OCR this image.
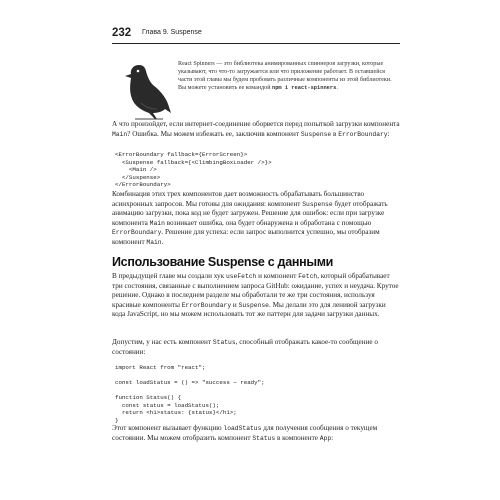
232 Глава 9. Suspense
React Spinners — это библиотека анимированных спиннеров загрузки, которые указывают, что что-то загружается или что приложение работает. В оставшейся части этой главы мы будем пробовать различные компоненты из этой библиотеки. Вы можете установить ее командой npm i react-spinners.

А что произойдет, если интернет-соединение оборвется перед попыткой загрузки компонента Main? Ошибка. Мы можем избежать ее, заключив компонент Suspense в ErrorBoundary:

<ErrorBoundary fallback={ErrorScreen}>
<Suspense fallback={<ClimbingBoxLoader />}>
<Main />
</Suspense>
</ErrorBoundary>

Комбинация этих трех компонентов дает возможность обрабатывать большинство асинхронных запросов. Мы готовы для ожидания: компонент Suspense будет отображать анимацию загрузки, пока код не будет загружен. Решение для ошибок: если при загрузке компонента Main возникает ошибка, она будет обнаружена и обработана с помощью ErrorBoundary. Решение для успеха: если запрос выполнится успешно, мы отобразим компонент Main.

Использование Suspense с данными

В предыдущей главе мы создали хук useFetch и компонент Fetch, который обрабатывает три состояния, связанные с выполнением запроса GitHub: ожидание, успех и неудача. Крутое решение. Однако в последнем разделе мы обработали те же три состояния, используя красивые компоненты ErrorBoundary и Suspense. Мы делали это для ленивой загрузки кода JavaScript, но мы можем использовать тот же паттерн для задачи загрузки данных.

Допустим, у нас есть компонент Status, способный отображать какое-то сообщение о состоянии:

import React from "react";

const loadStatus = () => "success — ready";

function Status() {
const status = loadStatus();
return <h1>status: {status}</h1>;
}

Этот компонент вызывает функцию loadStatus для получения сообщения о текущем состоянии. Мы можем отобразить компонент Status в компоненте App:
